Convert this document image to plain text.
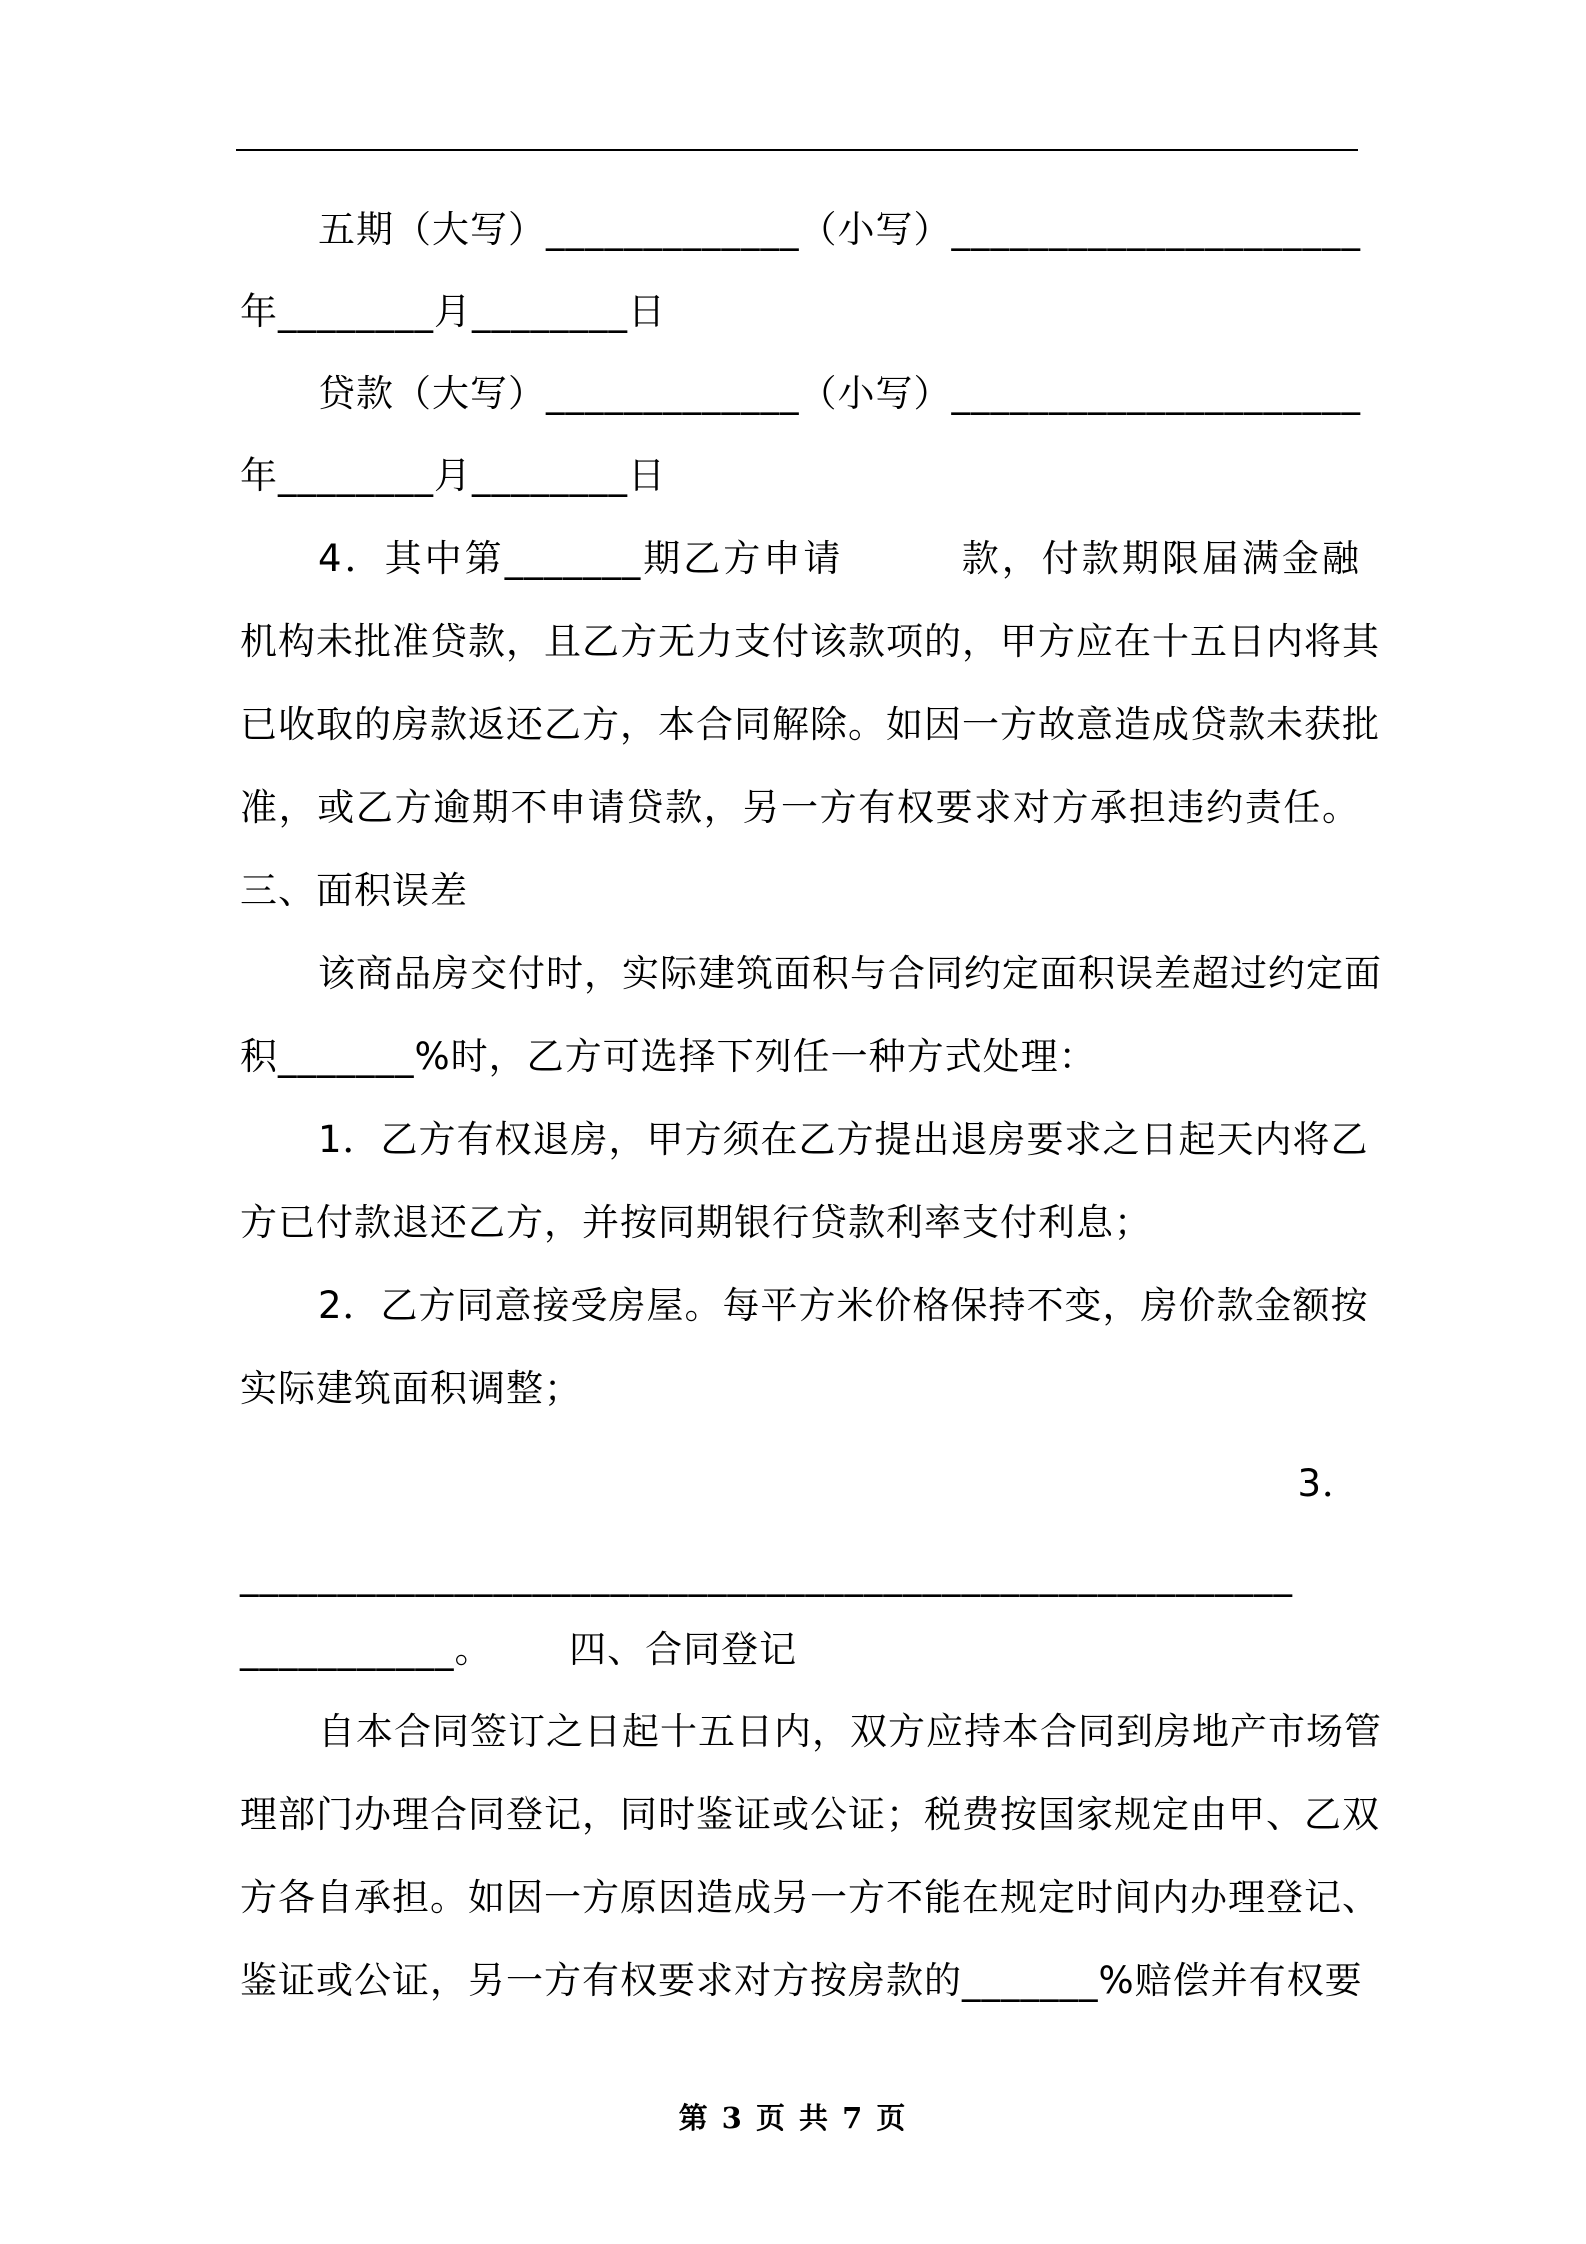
五期（大写）_____________（小写）_____________________
年________月________日
贷款（大写）_____________（小写）_____________________
年________月________日
4．其中第_______期乙方申请        款，付款期限届满金融
机构未批准贷款，且乙方无力支付该款项的，甲方应在十五日内将其
已收取的房款返还乙方，本合同解除。如因一方故意造成贷款未获批
准，或乙方逾期不申请贷款，另一方有权要求对方承担违约责任。
三、面积误差
该商品房交付时，实际建筑面积与合同约定面积误差超过约定面
积_______%时，乙方可选择下列任一种方式处理：
1．乙方有权退房，甲方须在乙方提出退房要求之日起天内将乙
方已付款退还乙方，并按同期银行贷款利率支付利息；
2．乙方同意接受房屋。每平方米价格保持不变，房价款金额按
实际建筑面积调整；
3．
______________________________________________________
___________。      四、合同登记
自本合同签订之日起十五日内，双方应持本合同到房地产市场管
理部门办理合同登记，同时鉴证或公证；税费按国家规定由甲、乙双
方各自承担。如因一方原因造成另一方不能在规定时间内办理登记、
鉴证或公证，另一方有权要求对方按房款的_______%赔偿并有权要
第 3 页 共 7 页
